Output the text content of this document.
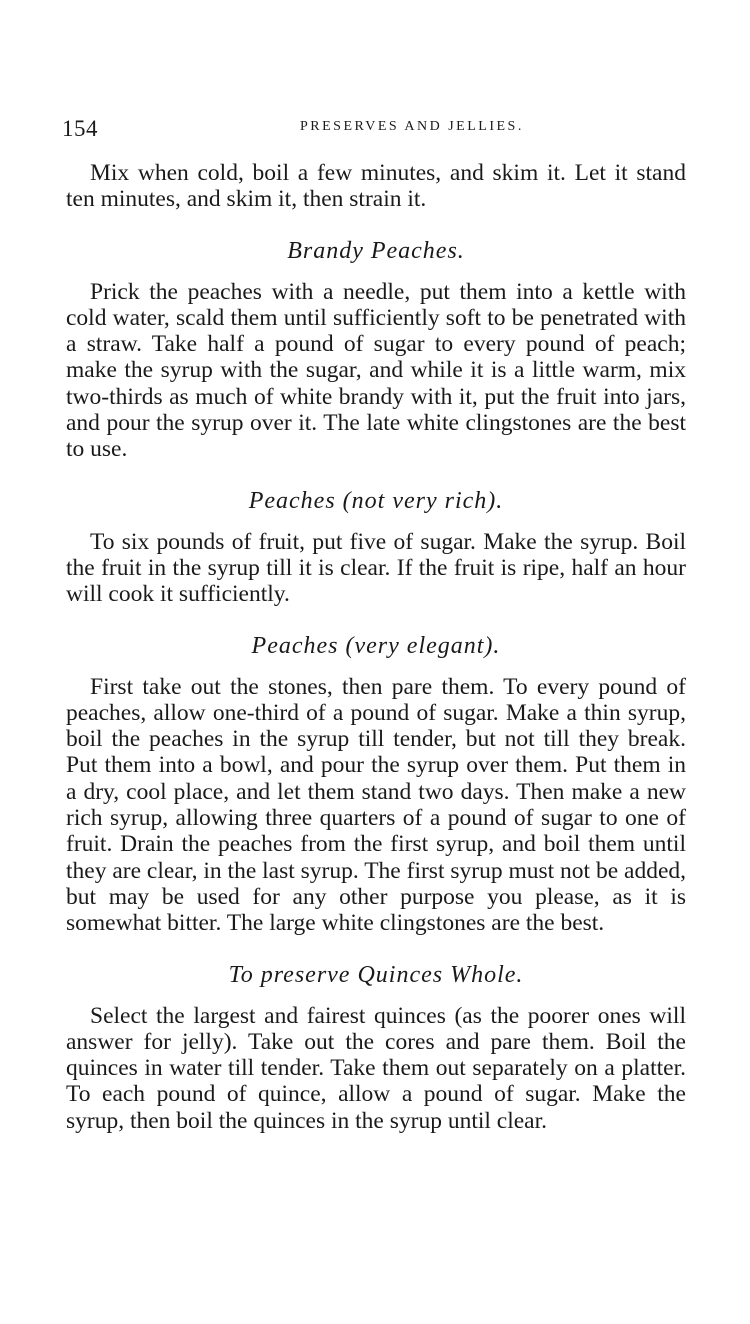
154	PRESERVES AND JELLIES.

Mix when cold, boil a few minutes, and skim it. Let it stand ten minutes, and skim it, then strain it.

Brandy Peaches.

Prick the peaches with a needle, put them into a kettle with cold water, scald them until sufficiently soft to be penetrated with a straw. Take half a pound of sugar to every pound of peach; make the syrup with the sugar, and while it is a little warm, mix two-thirds as much of white brandy with it, put the fruit into jars, and pour the syrup over it. The late white clingstones are the best to use.

Peaches (not very rich).

To six pounds of fruit, put five of sugar. Make the syrup. Boil the fruit in the syrup till it is clear. If the fruit is ripe, half an hour will cook it sufficiently.

Peaches (very elegant).

First take out the stones, then pare them. To every pound of peaches, allow one-third of a pound of sugar. Make a thin syrup, boil the peaches in the syrup till tender, but not till they break. Put them into a bowl, and pour the syrup over them. Put them in a dry, cool place, and let them stand two days. Then make a new rich syrup, allowing three quarters of a pound of sugar to one of fruit. Drain the peaches from the first syrup, and boil them until they are clear, in the last syrup. The first syrup must not be added, but may be used for any other purpose you please, as it is somewhat bitter. The large white clingstones are the best.

To preserve Quinces Whole.

Select the largest and fairest quinces (as the poorer ones will answer for jelly). Take out the cores and pare them. Boil the quinces in water till tender. Take them out separately on a platter. To each pound of quince, allow a pound of sugar. Make the syrup, then boil the quinces in the syrup until clear.
